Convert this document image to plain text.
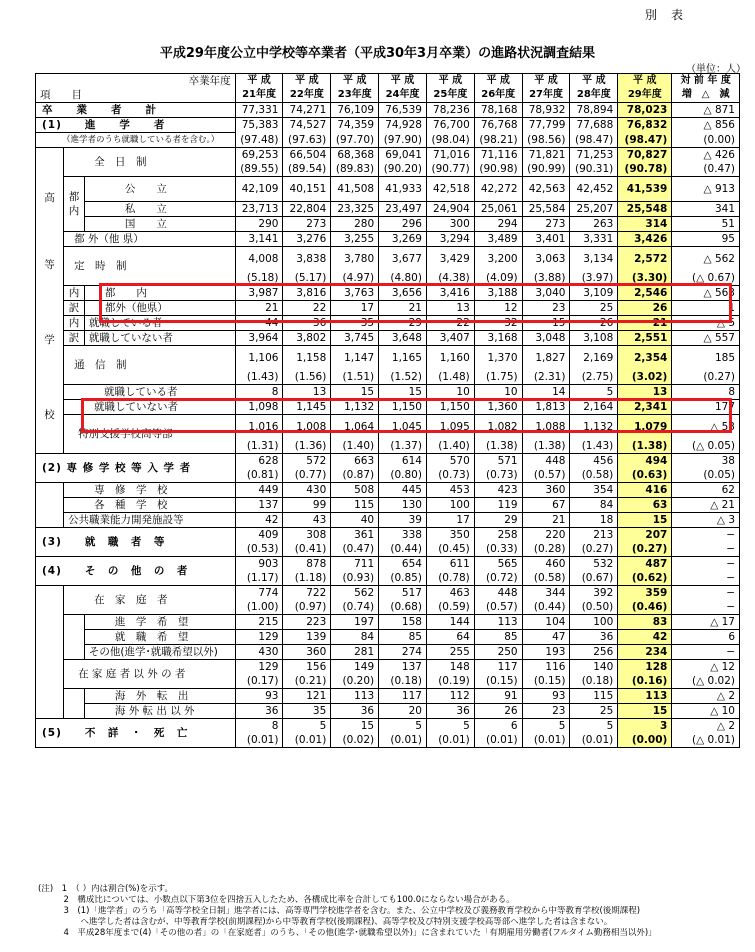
別表
平成29年度公立中学校等卒業者（平成30年3月卒業）の進路状況調査結果
（単位：人）
卒業年度			平 成	平 成	平 成	平 成	平 成	平 成	平 成	平 成	平 成	対 前 年 度
項　　目			21年度	22年度	23年度	24年度	25年度	26年度	27年度	28年度	29年度	増　△　減
卒　　業　　者　　計			77,331	74,271	76,109	76,539	78,236	78,168	78,932	78,894	78,023	△ 871
(1)　　進　　学　　者			75,383	74,527	74,359	74,928	76,700	76,768	77,799	77,688	76,832	△ 856
（進学者のうち就職している者を含む。）			(97.48)	(97.63)	(97.70)	(97.90)	(98.04)	(98.21)	(98.56)	(98.47)	(98.47)	(0.00)

高
等
学
校	全　日　制		69,253	66,504	68,368	69,041	71,016	71,116	71,821	71,253	70,827	△ 426
			(89.55)	(89.54)	(89.83)	(90.20)	(90.77)	(90.98)	(90.99)	(90.31)	(90.78)	(0.47)
	都 内	公　　立	42,109	40,151	41,508	41,933	42,518	42,272	42,563	42,452	41,539	△ 913
		私　　立	23,713	22,804	23,325	23,497	24,904	25,061	25,584	25,207	25,548	341
		国　　立	290	273	280	296	300	294	273	263	314	51
	都 外（他 県）		3,141	3,276	3,255	3,269	3,294	3,489	3,401	3,331	3,426	95
	定　時　制		4,008	3,838	3,780	3,677	3,429	3,200	3,063	3,134	2,572	△ 562
			(5.18)	(5.17)	(4.97)	(4.80)	(4.38)	(4.09)	(3.88)	(3.97)	(3.30)	(△ 0.67)
	内	都　　内	3,987	3,816	3,763	3,656	3,416	3,188	3,040	3,109	2,546	△ 563
	訳	都外（他県）	21	22	17	21	13	12	23	25	26	1
	内	就職している者	44	36	35	29	22	32	15	26	21	△ 5
	訳	就職していない者	3,964	3,802	3,745	3,648	3,407	3,168	3,048	3,108	2,551	△ 557
	通　信　制		1,106	1,158	1,147	1,165	1,160	1,370	1,827	2,169	2,354	185
			(1.43)	(1.56)	(1.51)	(1.52)	(1.48)	(1.75)	(2.31)	(2.75)	(3.02)	(0.27)
	就職している者		8	13	15	15	10	10	14	5	13	8
	就職していない者		1,098	1,145	1,132	1,150	1,150	1,360	1,813	2,164	2,341	177
	特別支援学校高等部		1,016	1,008	1,064	1,045	1,095	1,082	1,088	1,132	1,079	△ 53
			(1.31)	(1.36)	(1.40)	(1.37)	(1.40)	(1.38)	(1.38)	(1.43)	(1.38)	(△ 0.05)
(2) 専 修 学 校 等 入 学 者			628	572	663	614	570	571	448	456	494	38
			(0.81)	(0.77)	(0.87)	(0.80)	(0.73)	(0.73)	(0.57)	(0.58)	(0.63)	(0.05)
	専　修　学　校		449	430	508	445	453	423	360	354	416	62
	各　種　学　校		137	99	115	130	100	119	67	84	63	△ 21
	公共職業能力開発施設等		42	43	40	39	17	29	21	18	15	△ 3
(3)　　就　職　者　等			409	308	361	338	350	258	220	213	207	−
			(0.53)	(0.41)	(0.47)	(0.44)	(0.45)	(0.33)	(0.28)	(0.27)	(0.27)	−
(4)　　そ　の　他　の　者			903	878	711	654	611	565	460	532	487	−
			(1.17)	(1.18)	(0.93)	(0.85)	(0.78)	(0.72)	(0.58)	(0.67)	(0.62)	−
	在　家　庭　者		774	722	562	517	463	448	344	392	359	−
			(1.00)	(0.97)	(0.74)	(0.68)	(0.59)	(0.57)	(0.44)	(0.50)	(0.46)	−
		進　学　希　望	215	223	197	158	144	113	104	100	83	△ 17
		就　職　希　望	129	139	84	85	64	85	47	36	42	6
		その他(進学･就職希望以外)	430	360	281	274	255	250	193	256	234	−
	在 家 庭 者 以 外 の 者		129	156	149	137	148	117	116	140	128	△ 12
			(0.17)	(0.21)	(0.20)	(0.18)	(0.19)	(0.15)	(0.15)	(0.18)	(0.16)	(△ 0.02)
		海　外　転　出	93	121	113	117	112	91	93	115	113	△ 2
		海 外 転 出 以 外	36	35	36	20	36	26	23	25	15	△ 10
(5)　　不　詳　・　死　亡			8	5	15	5	5	6	5	5	3	△ 2
			(0.01)	(0.01)	(0.02)	(0.01)	(0.01)	(0.01)	(0.01)	(0.01)	(0.00)	(△ 0.01)
(注)　1　（ ）内は割合(%)を示す。
　　　2　構成比については、小数点以下第3位を四捨五入したため、各構成比率を合計しても100.0にならない場合がある。
　　　3　(1)「進学者」のうち「高等学校全日制」進学者には、高等専門学校進学者を含む。また、公立中学校及び義務教育学校から中等教育学校(後期課程)
　　　　　へ進学した者は含むが、中等教育学校(前期課程)から中等教育学校(後期課程)、高等学校及び特別支援学校高等部へ進学した者は含まない。
　　　4　平成28年度まで(4)「その他の者」の「在家庭者」のうち、「その他(進学･就職希望以外)」に含まれていた「有期雇用労働者(フルタイム勤務相当以外)」
